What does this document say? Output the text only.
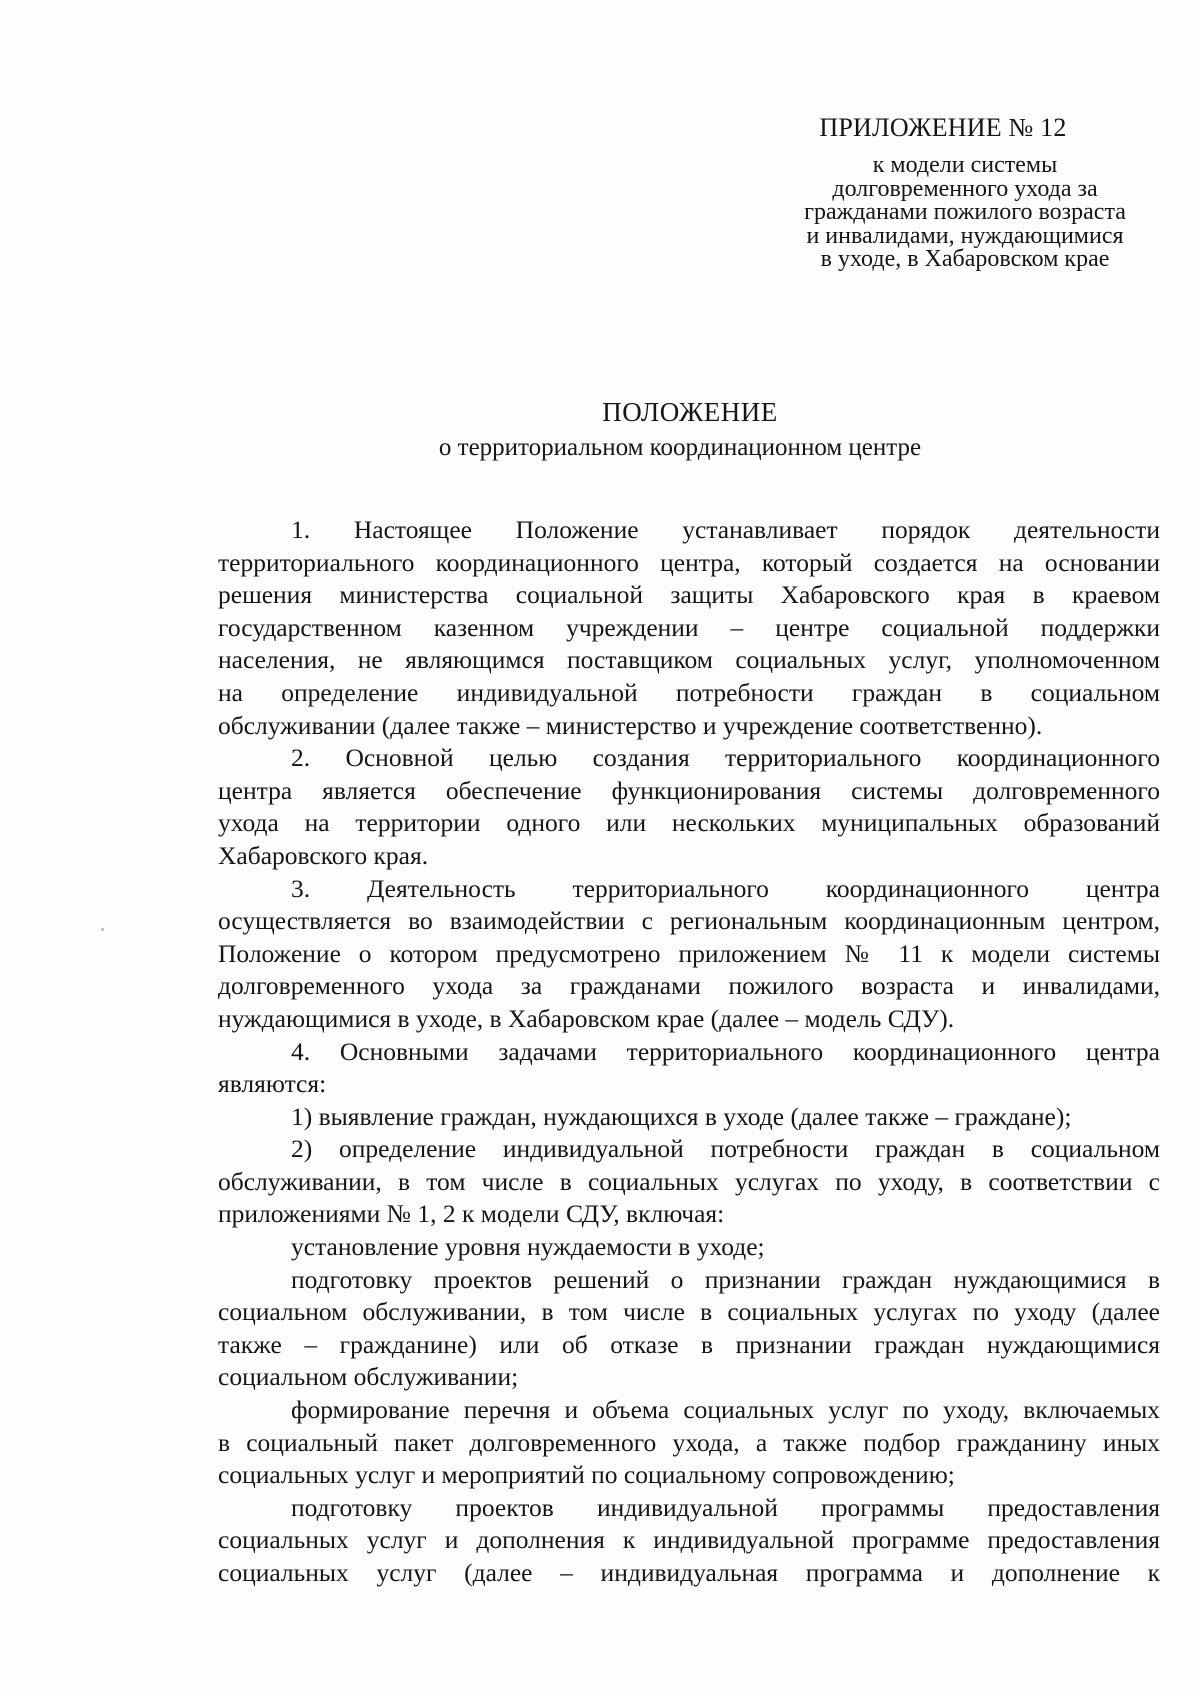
ПРИЛОЖЕНИЕ № 12
к модели системы
долговременного ухода за
гражданами пожилого возраста
и инвалидами, нуждающимися
в уходе, в Хабаровском крае
ПОЛОЖЕНИЕ
о территориальном координационном центре
1. Настоящее Положение устанавливает порядок деятельности
территориального координационного центра, который создается на основании
решения министерства социальной защиты Хабаровского края в краевом
государственном казенном учреждении – центре социальной поддержки
населения, не являющимся поставщиком социальных услуг, уполномоченном
на определение индивидуальной потребности граждан в социальном
обслуживании (далее также – министерство и учреждение соответственно).
2. Основной целью создания территориального координационного
центра является обеспечение функционирования системы долговременного
ухода на территории одного или нескольких муниципальных образований
Хабаровского края.
3. Деятельность территориального координационного центра
осуществляется во взаимодействии с региональным координационным центром,
Положение о котором предусмотрено приложением № 11 к модели системы
долговременного ухода за гражданами пожилого возраста и инвалидами,
нуждающимися в уходе, в Хабаровском крае (далее – модель СДУ).
4. Основными задачами территориального координационного центра
являются:
1) выявление граждан, нуждающихся в уходе (далее также – граждане);
2) определение индивидуальной потребности граждан в социальном
обслуживании, в том числе в социальных услугах по уходу, в соответствии с
приложениями № 1, 2 к модели СДУ, включая:
установление уровня нуждаемости в уходе;
подготовку проектов решений о признании граждан нуждающимися в
социальном обслуживании, в том числе в социальных услугах по уходу (далее
также – гражданине) или об отказе в признании граждан нуждающимися
социальном обслуживании;
формирование перечня и объема социальных услуг по уходу, включаемых
в социальный пакет долговременного ухода, а также подбор гражданину иных
социальных услуг и мероприятий по социальному сопровождению;
подготовку проектов индивидуальной программы предоставления
социальных услуг и дополнения к индивидуальной программе предоставления
социальных услуг (далее – индивидуальная программа и дополнение к
